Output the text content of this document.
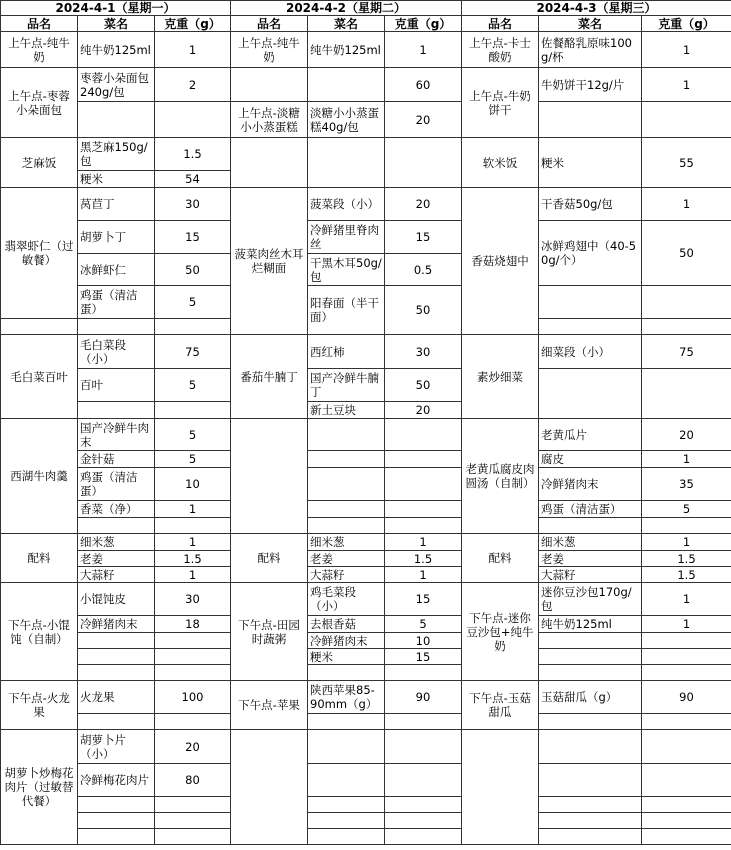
2024-4-1（星期一）			2024-4-2（星期二）			2024-4-3（星期三）		
品名	菜名	克重（g）	品名	菜名	克重（g）	品名	菜名	克重（g）
上午点-纯牛奶	纯牛奶125ml	1	上午点-纯牛奶	纯牛奶125ml	1	上午点-卡士酸奶	佐餐酪乳原味100g/杯	1
上午点-枣蓉小朵面包	枣蓉小朵面包240g/包	2			60	上午点-牛奶饼干	牛奶饼干12g/片	1
			上午点-淡糖小小蒸蛋糕	淡糖小小蒸蛋糕40g/包	20			
芝麻饭	黑芝麻150g/包	1.5				软米饭	粳米	55
	粳米	54						
翡翠虾仁（过敏餐）	莴苣丁	30	菠菜肉丝木耳烂糊面	菠菜段（小）	20	香菇烧翅中	干香菇50g/包	1
	胡萝卜丁	15		冷鲜猪里脊肉丝	15		冰鲜鸡翅中（40-50g/个）	50
	冰鲜虾仁	50		干黑木耳50g/包	0.5			
	鸡蛋（清洁蛋）	5		阳春面（半干面）	50			

毛白菜百叶	毛白菜段（小）	75	番茄牛腩丁	西红柿	30	素炒细菜	细菜段（小）	75
	百叶	5		国产冷鲜牛腩丁	50			
				新土豆块	20			
西湖牛肉羹	国产冷鲜牛肉末	5				老黄瓜腐皮肉圆汤（自制）	老黄瓜片	20
	金针菇	5					腐皮	1
	鸡蛋（清洁蛋）	10					冷鲜猪肉末	35
	香菜（净）	1					鸡蛋（清洁蛋）	5

配料	细米葱	1	配料	细米葱	1	配料	细米葱	1
	老姜	1.5		老姜	1.5		老姜	1.5
	大蒜籽	1		大蒜籽	1		大蒜籽	1.5
下午点-小馄饨（自制）	小馄饨皮	30	下午点-田园时蔬粥	鸡毛菜段（小）	15	下午点-迷你豆沙包+纯牛奶	迷你豆沙包170g/包	1
	冷鲜猪肉末	18		去根香菇	5		纯牛奶125ml	1
				冷鲜猪肉末	10			
				粳米	15			

下午点-火龙果	火龙果	100	下午点-苹果	陕西苹果85-90mm（g）	90	下午点-玉菇甜瓜	玉菇甜瓜（g）	90

胡萝卜炒梅花肉片（过敏替代餐）	胡萝卜片（小）	20						
	冷鲜梅花肉片	80						
